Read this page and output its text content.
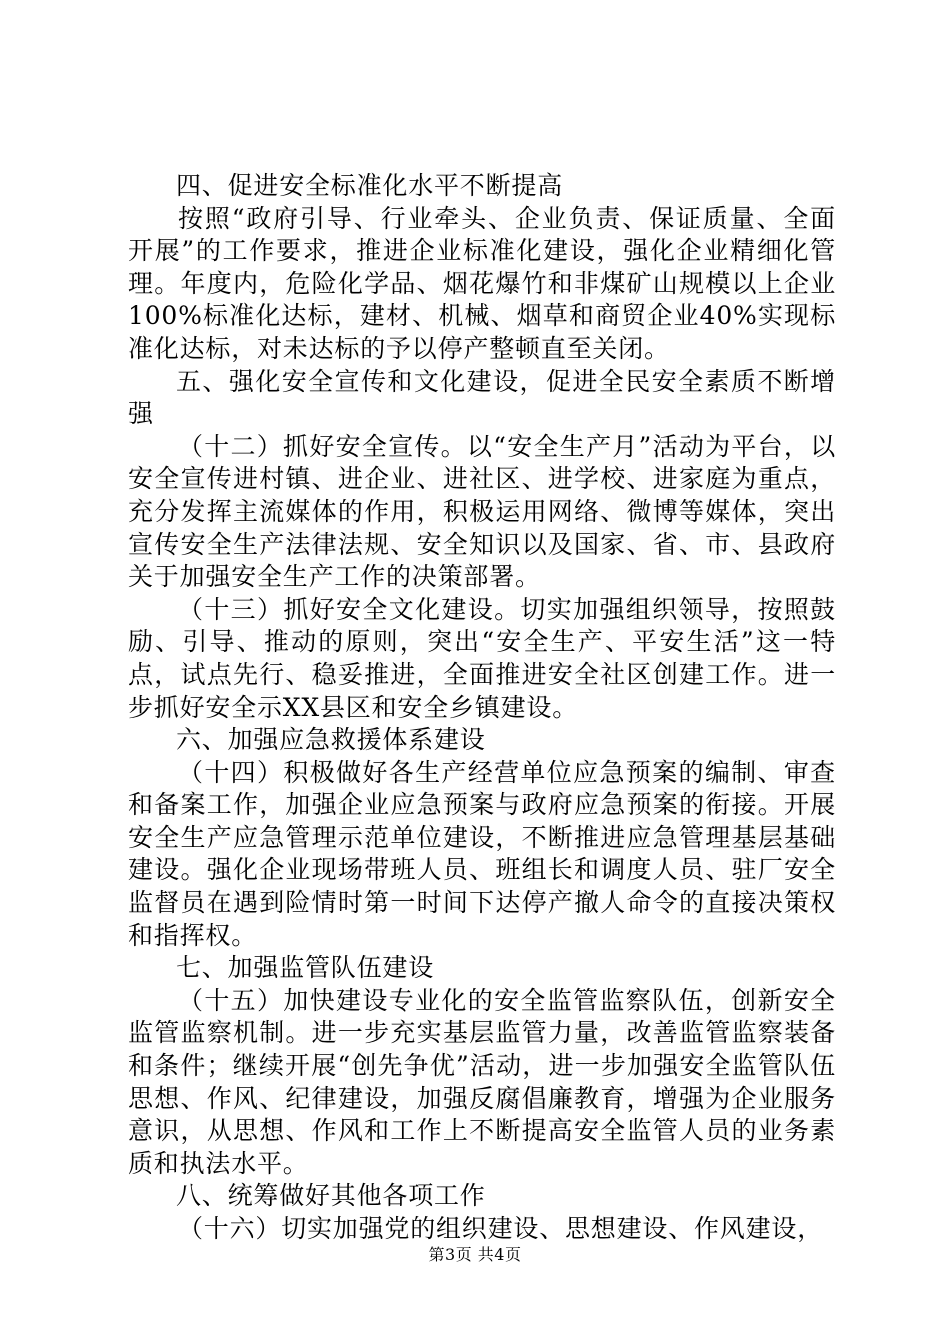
四、促进安全标准化水平不断提高

按照“政府引导、行业牵头、企业负责、保证质量、全面开展”的工作要求，推进企业标准化建设，强化企业精细化管理。年度内，危险化学品、烟花爆竹和非煤矿山规模以上企业100%标准化达标，建材、机械、烟草和商贸企业40%实现标准化达标，对未达标的予以停产整顿直至关闭。

五、强化安全宣传和文化建设，促进全民安全素质不断增强

（十二）抓好安全宣传。以“安全生产月”活动为平台，以安全宣传进村镇、进企业、进社区、进学校、进家庭为重点，充分发挥主流媒体的作用，积极运用网络、微博等媒体，突出宣传安全生产法律法规、安全知识以及国家、省、市、县政府关于加强安全生产工作的决策部署。

（十三）抓好安全文化建设。切实加强组织领导，按照鼓励、引导、推动的原则，突出“安全生产、平安生活”这一特点，试点先行、稳妥推进，全面推进安全社区创建工作。进一步抓好安全示XX县区和安全乡镇建设。

六、加强应急救援体系建设

（十四）积极做好各生产经营单位应急预案的编制、审查和备案工作，加强企业应急预案与政府应急预案的衔接。开展安全生产应急管理示范单位建设，不断推进应急管理基层基础建设。强化企业现场带班人员、班组长和调度人员、驻厂安全监督员在遇到险情时第一时间下达停产撤人命令的直接决策权和指挥权。

七、加强监管队伍建设

（十五）加快建设专业化的安全监管监察队伍，创新安全监管监察机制。进一步充实基层监管力量，改善监管监察装备和条件；继续开展“创先争优”活动，进一步加强安全监管队伍思想、作风、纪律建设，加强反腐倡廉教育，增强为企业服务意识，从思想、作风和工作上不断提高安全监管人员的业务素质和执法水平。

八、统筹做好其他各项工作

（十六）切实加强党的组织建设、思想建设、作风建设，

第3页 共4页
